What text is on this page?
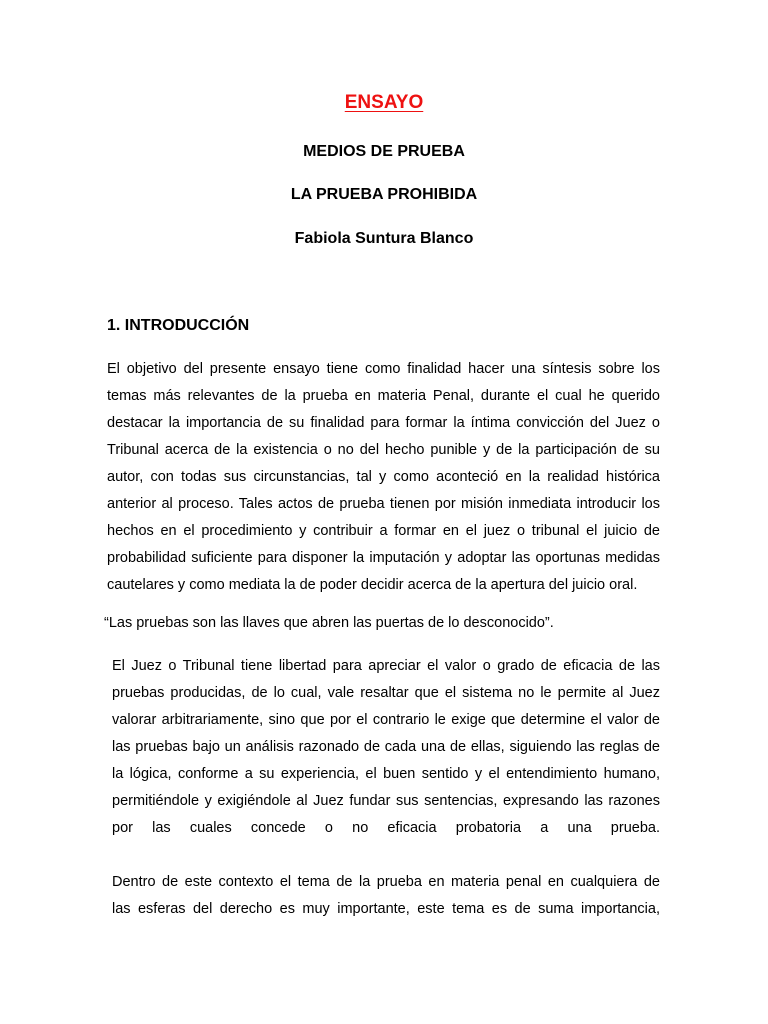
ENSAYO
MEDIOS DE PRUEBA
LA PRUEBA PROHIBIDA
Fabiola Suntura Blanco
1. INTRODUCCIÓN
El objetivo del presente ensayo tiene como finalidad hacer una síntesis sobre los
temas más relevantes de la prueba en materia Penal, durante el cual he querido
destacar la importancia de su finalidad para formar la íntima convicción del Juez o
Tribunal acerca de la existencia o no del hecho punible y de la participación de su
autor, con todas sus circunstancias, tal y como aconteció en la realidad histórica
anterior al proceso. Tales actos de prueba tienen por misión inmediata introducir los
hechos en el procedimiento y contribuir a formar en el juez o tribunal el juicio de
probabilidad suficiente para disponer la imputación y adoptar las oportunas medidas
cautelares y como mediata la de poder decidir acerca de la apertura del juicio oral.
“Las pruebas son las llaves que abren las puertas de lo desconocido”.
El Juez o Tribunal tiene libertad para apreciar el valor o grado de eficacia de las
pruebas producidas, de lo cual, vale resaltar que el sistema no le permite al Juez
valorar arbitrariamente, sino que por el contrario le exige que determine el valor de
las pruebas bajo un análisis razonado de cada una de ellas, siguiendo las reglas de
la lógica, conforme a su experiencia, el buen sentido y el entendimiento humano,
permitiéndole y exigiéndole al Juez fundar sus sentencias, expresando las razones
por las cuales concede o no eficacia probatoria a una prueba.
Dentro de este contexto el tema de la prueba en materia penal en cualquiera de
las esferas del derecho es muy importante, este tema es de suma importancia,
